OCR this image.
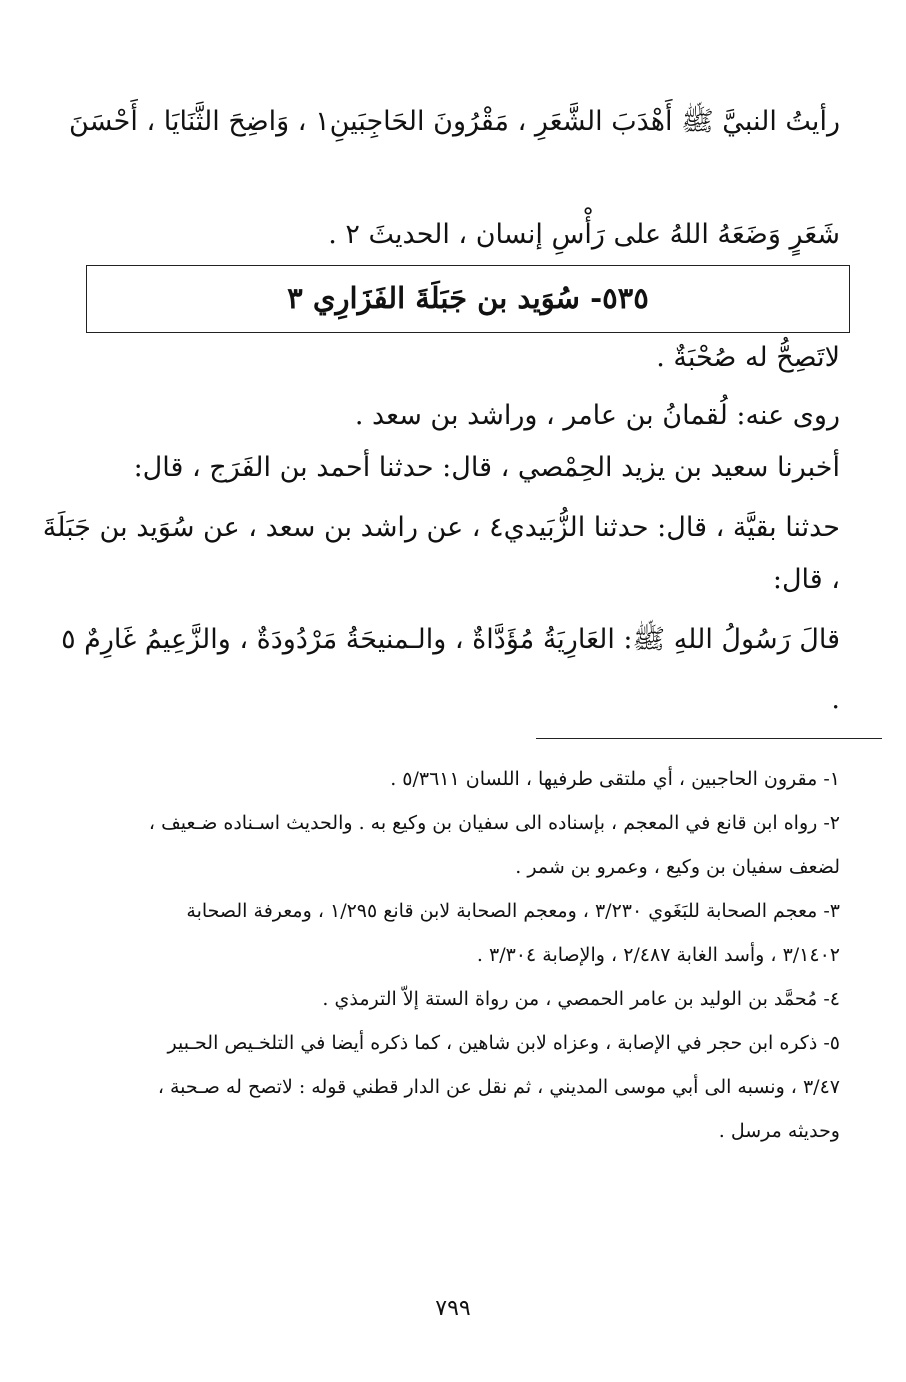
رأيتُ النبيَّ ﷺ أَهْدَبَ الشَّعَرِ ، مَقْرُونَ الحَاجِبَينِ١ ، وَاضِحَ الثَّنَايَا ، أَحْسَنَ
شَعَرٍ وَضَعَهُ اللهُ على رَأْسِ إنسان ، الحديثَ ٢ .
٥٣٥- سُوَيد بن جَبَلَةَ الفَزَارِي ٣
لاتَصِحُّ له صُحْبَةٌ .
روى عنه: لُقمانُ بن عامر ، وراشد بن سعد .
أخبرنا سعيد بن يزيد الحِمْصي ، قال: حدثنا أحمد بن الفَرَج ، قال:
حدثنا بقيَّة ، قال: حدثنا الزُّبَيدي٤ ، عن راشد بن سعد ، عن سُوَيد بن جَبَلَةَ
، قال:
قالَ رَسُولُ اللهِ ﷺ: العَارِيَةُ مُؤَدَّاةٌ ، والـمنيحَةُ مَرْدُودَةٌ ، والزَّعِيمُ غَارِمٌ ٥
.
١- مقرون الحاجبين ، أي ملتقى طرفيها ، اللسان ٥/٣٦١١ .
٢- رواه ابن قانع في المعجم ، بإسناده الى سفيان بن وكيع به . والحديث اسـناده ضـعيف ،
لضعف سفيان بن وكيع ، وعمرو بن شمر .
٣- معجم الصحابة للبَغَوي ٣/٢٣٠ ، ومعجم الصحابة لابن قانع ١/٢٩٥ ، ومعرفة الصحابة
٣/١٤٠٢ ، وأسد الغابة ٢/٤٨٧ ، والإصابة ٣/٣٠٤ .
٤- مُحمَّد بن الوليد بن عامر الحمصي ، من رواة الستة إلاّ الترمذي .
٥- ذكره ابن حجر في الإصابة ، وعزاه لابن شاهين ، كما ذكره أيضا في التلخـيص الحـبير
٣/٤٧ ، ونسبه الى أبي موسى المديني ، ثم نقل عن الدار قطني قوله : لاتصح له صـحبة ،
وحديثه مرسل .
٧٩٩
